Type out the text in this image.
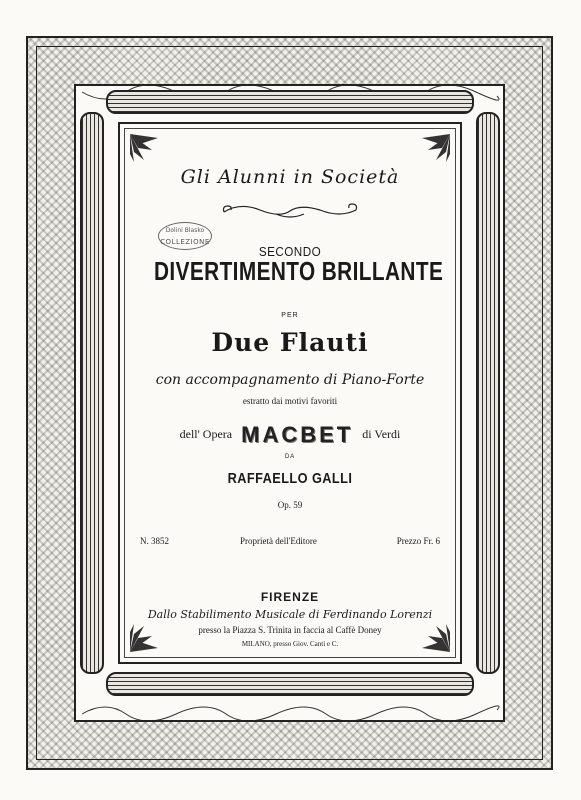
Gli Alunni in Società
Dolini Blasko
COLLEZIONE
SECONDO
DIVERTIMENTO BRILLANTE
PER
Due Flauti
con accompagnamento di Piano-Forte
estratto dai motivi favoriti
dell' Opera MACBET di Verdi
DA
RAFFAELLO GALLI
Op. 59
N. 3852	Proprietà dell'Editore	Prezzo Fr. 6
FIRENZE
Dallo Stabilimento Musicale di Ferdinando Lorenzi
presso la Piazza S. Trinita in faccia al Caffè Doney
MILANO, presso Giov. Canti e C.
